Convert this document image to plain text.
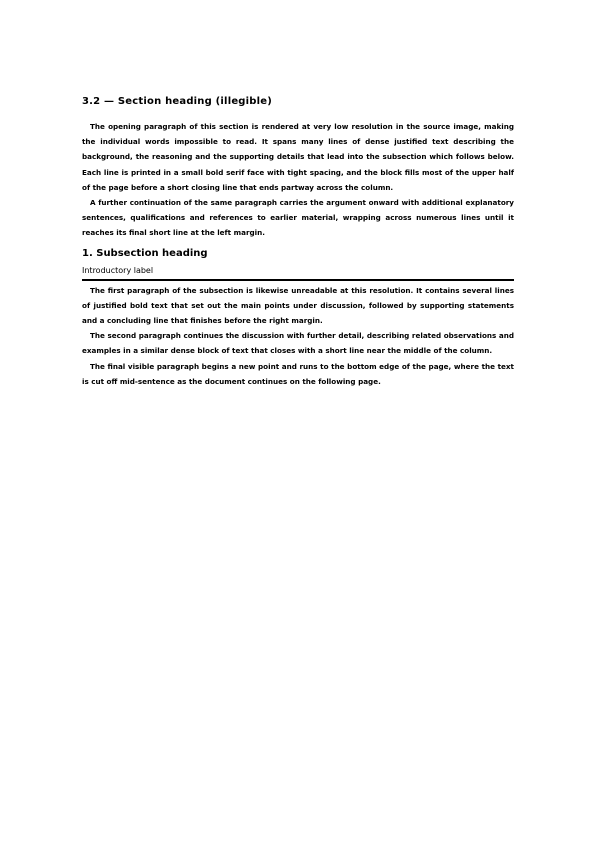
3.2 — Section heading (illegible)

The opening paragraph of this section is rendered at very low resolution in the source image, making the individual words impossible to read. It spans many lines of dense justified text describing the background, the reasoning and the supporting details that lead into the subsection which follows below. Each line is printed in a small bold serif face with tight spacing, and the block fills most of the upper half of the page before a short closing line that ends partway across the column.

A further continuation of the same paragraph carries the argument onward with additional explanatory sentences, qualifications and references to earlier material, wrapping across numerous lines until it reaches its final short line at the left margin.

1. Subsection heading
Introductory label

The first paragraph of the subsection is likewise unreadable at this resolution. It contains several lines of justified bold text that set out the main points under discussion, followed by supporting statements and a concluding line that finishes before the right margin.

The second paragraph continues the discussion with further detail, describing related observations and examples in a similar dense block of text that closes with a short line near the middle of the column.

The final visible paragraph begins a new point and runs to the bottom edge of the page, where the text is cut off mid-sentence as the document continues on the following page.
